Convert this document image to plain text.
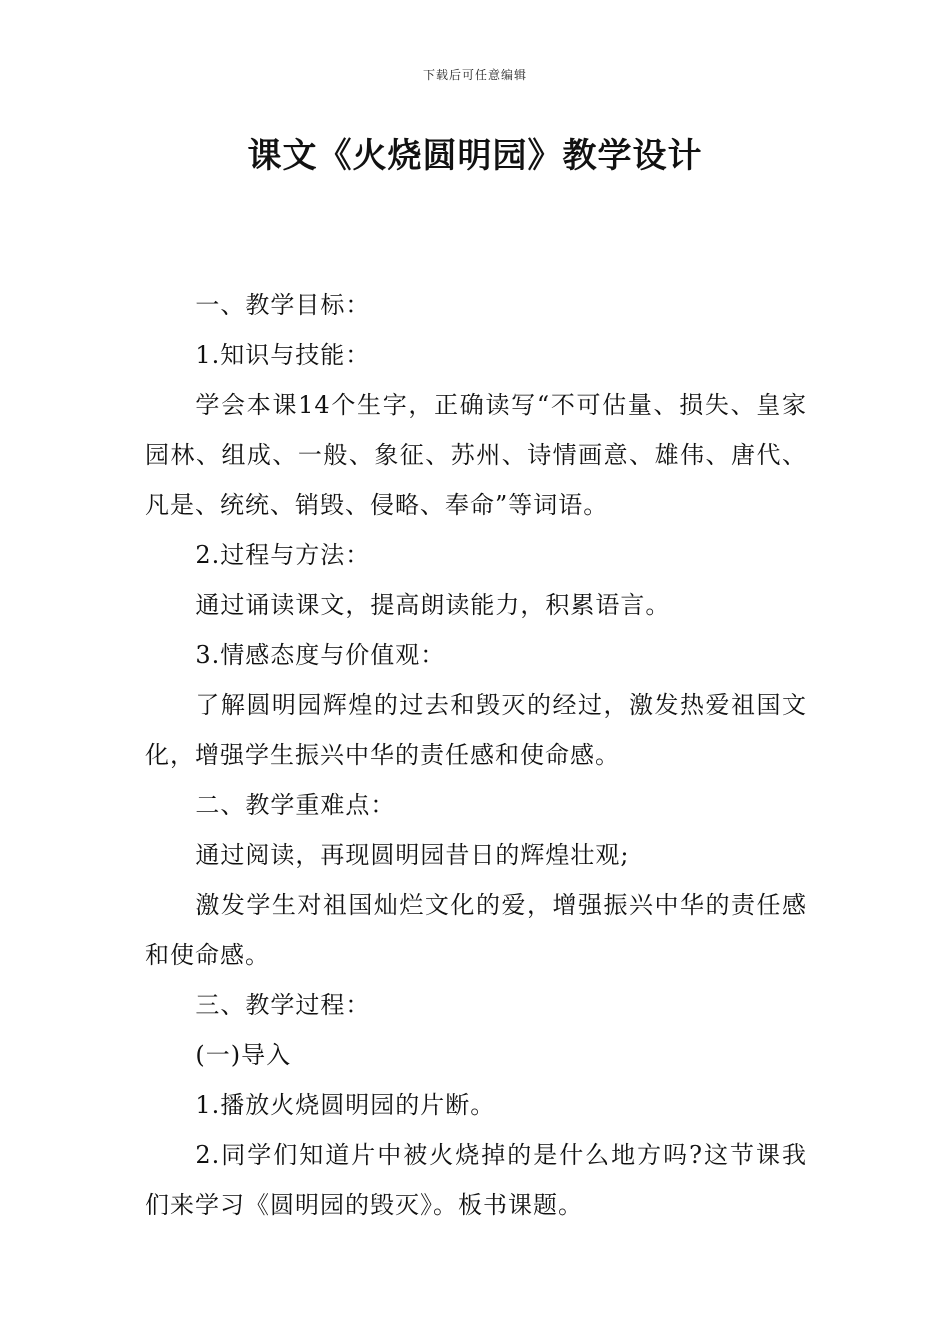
下载后可任意编辑
课文《火烧圆明园》教学设计

一、教学目标：

1.知识与技能：

学会本课14个生字，正确读写“不可估量、损失、皇家园林、组成、一般、象征、苏州、诗情画意、雄伟、唐代、凡是、统统、销毁、侵略、奉命”等词语。

2.过程与方法：

通过诵读课文，提高朗读能力，积累语言。

3.情感态度与价值观：

了解圆明园辉煌的过去和毁灭的经过，激发热爱祖国文化，增强学生振兴中华的责任感和使命感。

二、教学重难点：

通过阅读，再现圆明园昔日的辉煌壮观;

激发学生对祖国灿烂文化的爱，增强振兴中华的责任感和使命感。

三、教学过程：

(一)导入

1.播放火烧圆明园的片断。

2.同学们知道片中被火烧掉的是什么地方吗?这节课我们来学习《圆明园的毁灭》。板书课题。
